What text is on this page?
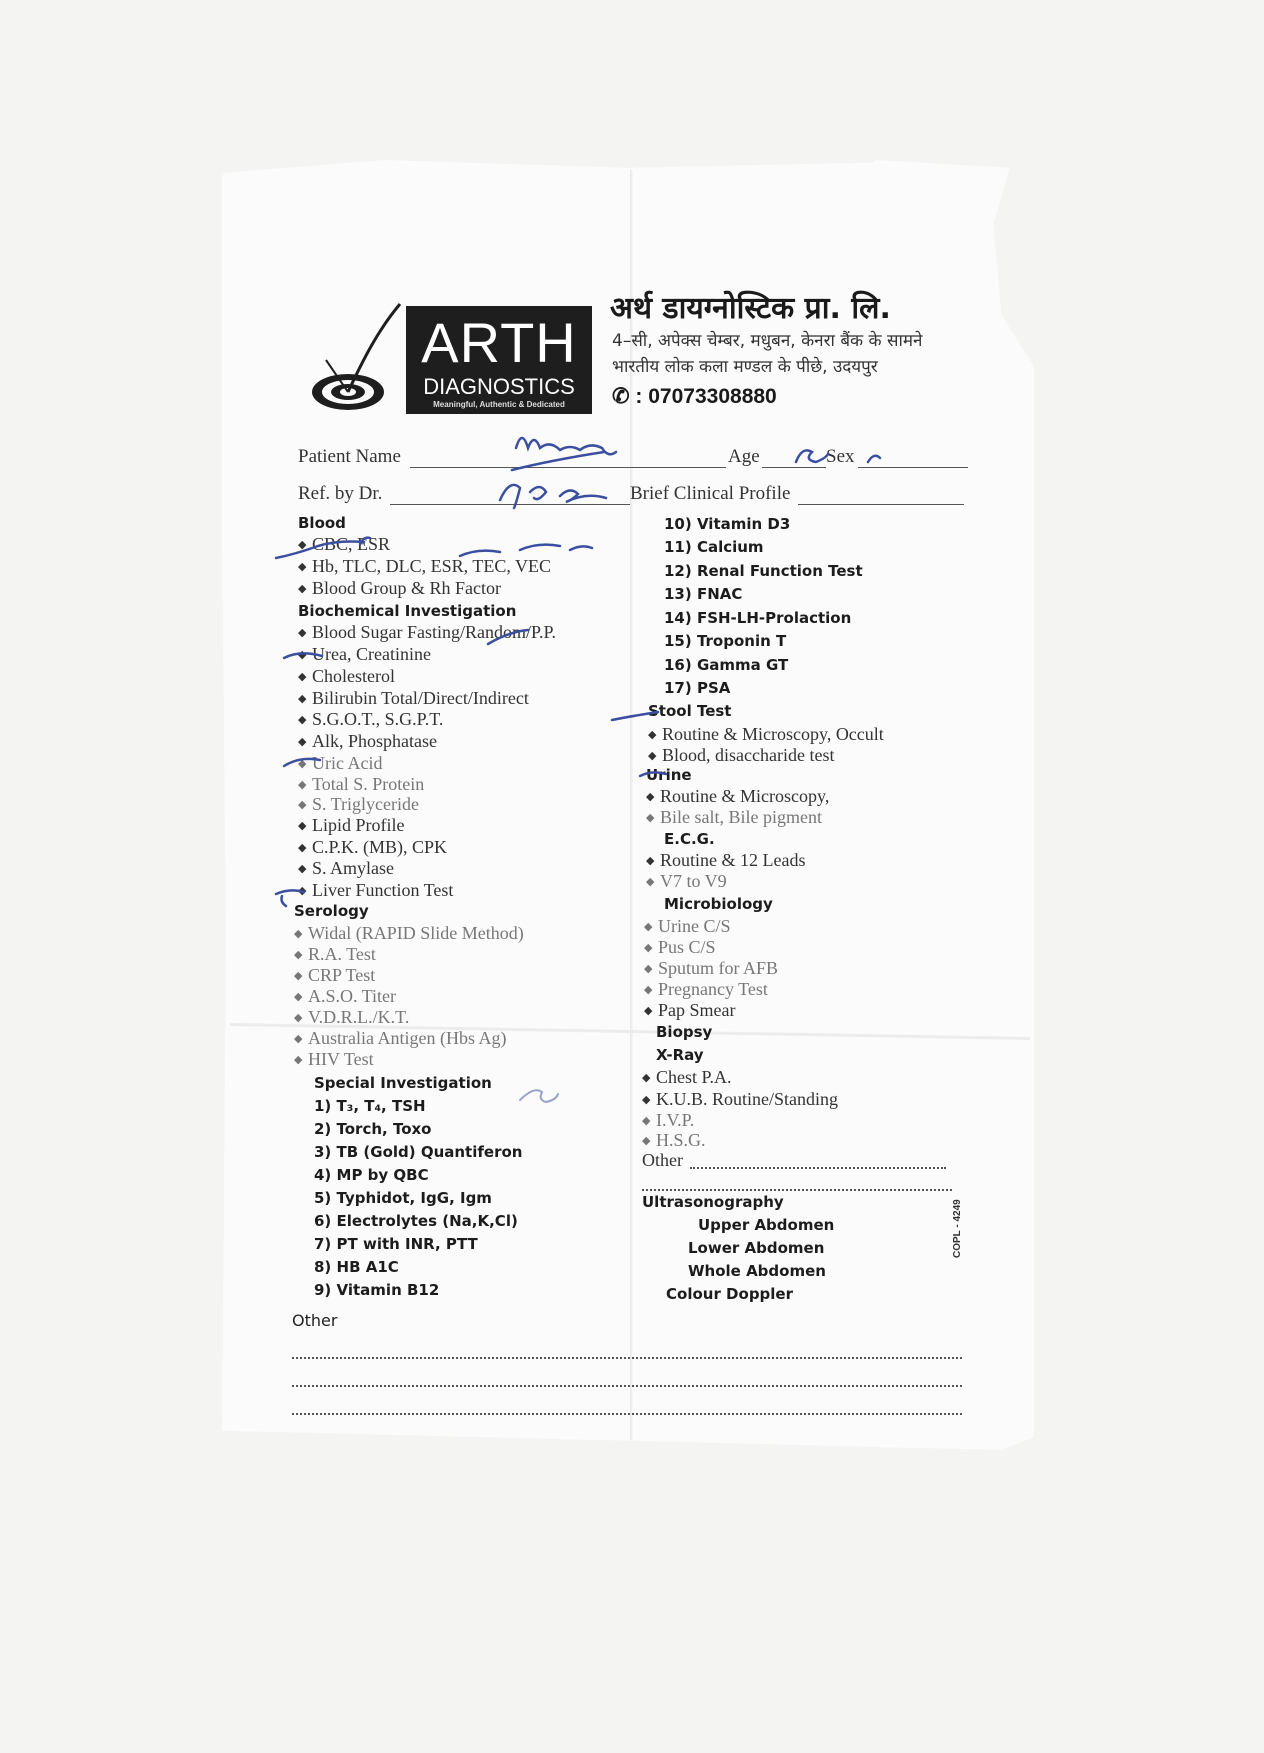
ARTH
DIAGNOSTICS
Meaningful, Authentic & Dedicated
अर्थ डायग्नोस्टिक प्रा. लि.
4–सी, अपेक्स चेम्बर, मधुबन, केनरा बैंक के सामने
भारतीय लोक कला मण्डल के पीछे, उदयपुर
✆ : 07073308880
Patient Name	Age	Sex
Ref. by Dr.	Brief Clinical Profile
Blood
◆ CBC, ESR
◆ Hb, TLC, DLC, ESR, TEC, VEC
◆ Blood Group & Rh Factor
Biochemical Investigation
◆ Blood Sugar Fasting/Random/P.P.
◆ Urea, Creatinine
◆ Cholesterol
◆ Bilirubin Total/Direct/Indirect
◆ S.G.O.T., S.G.P.T.
◆ Alk, Phosphatase
◆ Uric Acid
◆ Total S. Protein
◆ S. Triglyceride
◆ Lipid Profile
◆ C.P.K. (MB), CPK
◆ S. Amylase
◆ Liver Function Test
Serology
◆ Widal (RAPID Slide Method)
◆ R.A. Test
◆ CRP Test
◆ A.S.O. Titer
◆ V.D.R.L./K.T.
◆ Australia Antigen (Hbs Ag)
◆ HIV Test
Special Investigation
1) T₃, T₄, TSH
2) Torch, Toxo
3) TB (Gold) Quantiferon
4) MP by QBC
5) Typhidot, IgG, Igm
6) Electrolytes (Na,K,Cl)
7) PT with INR, PTT
8) HB A1C
9) Vitamin B12
Other
10) Vitamin D3
11) Calcium
12) Renal Function Test
13) FNAC
14) FSH-LH-Prolaction
15) Troponin T
16) Gamma GT
17) PSA
Stool Test
◆ Routine & Microscopy, Occult
◆ Blood, disaccharide test
Urine
◆ Routine & Microscopy,
◆ Bile salt, Bile pigment
E.C.G.
◆ Routine & 12 Leads
◆ V7 to V9
Microbiology
◆ Urine C/S
◆ Pus C/S
◆ Sputum for AFB
◆ Pregnancy Test
◆ Pap Smear
Biopsy
X-Ray
◆ Chest P.A.
◆ K.U.B. Routine/Standing
◆ I.V.P.
◆ H.S.G.
Other
Ultrasonography
Upper Abdomen
Lower Abdomen
Whole Abdomen
Colour Doppler
COPL - 4249
